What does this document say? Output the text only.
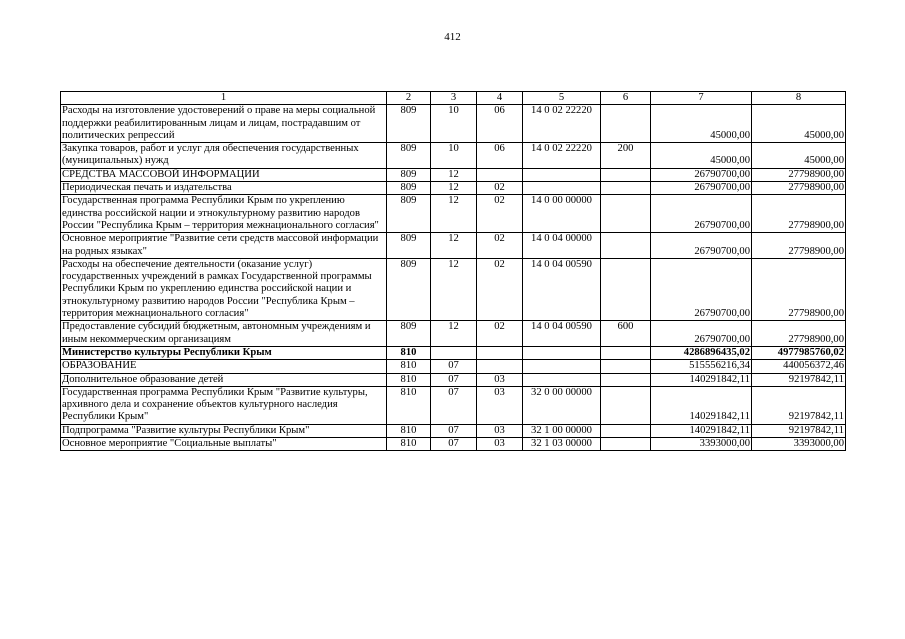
412
1	2	3	4	5	6	7	8
Расходы на изготовление удостоверений о праве на меры социальной поддержки реабилитированным лицам и лицам, пострадавшим от политических репрессий	809	10	06	14 0 02 22220		45000,00	45000,00
Закупка товаров, работ и услуг для обеспечения государственных (муниципальных) нужд	809	10	06	14 0 02 22220	200	45000,00	45000,00
СРЕДСТВА МАССОВОЙ ИНФОРМАЦИИ	809	12				26790700,00	27798900,00
Периодическая печать и издательства	809	12	02			26790700,00	27798900,00
Государственная программа Республики Крым по укреплению единства российской нации и этнокультурному развитию народов России "Республика Крым – территория межнационального согласия"	809	12	02	14 0 00 00000		26790700,00	27798900,00
Основное мероприятие "Развитие сети средств массовой информации на родных языках"	809	12	02	14 0 04 00000		26790700,00	27798900,00
Расходы на обеспечение деятельности (оказание услуг) государственных учреждений в рамках Государственной программы Республики Крым по укреплению единства российской нации и этнокультурному развитию народов России "Республика Крым – территория межнационального согласия"	809	12	02	14 0 04 00590		26790700,00	27798900,00
Предоставление субсидий бюджетным, автономным учреждениям и иным некоммерческим организациям	809	12	02	14 0 04 00590	600	26790700,00	27798900,00
Министерство культуры Республики Крым	810					4286896435,02	4977985760,02
ОБРАЗОВАНИЕ	810	07				515556216,34	440056372,46
Дополнительное образование детей	810	07	03			140291842,11	92197842,11
Государственная программа Республики Крым "Развитие культуры, архивного дела и сохранение объектов культурного наследия Республики Крым"	810	07	03	32 0 00 00000		140291842,11	92197842,11
Подпрограмма "Развитие культуры Республики Крым"	810	07	03	32 1 00 00000		140291842,11	92197842,11
Основное мероприятие "Социальные выплаты"	810	07	03	32 1 03 00000		3393000,00	3393000,00
